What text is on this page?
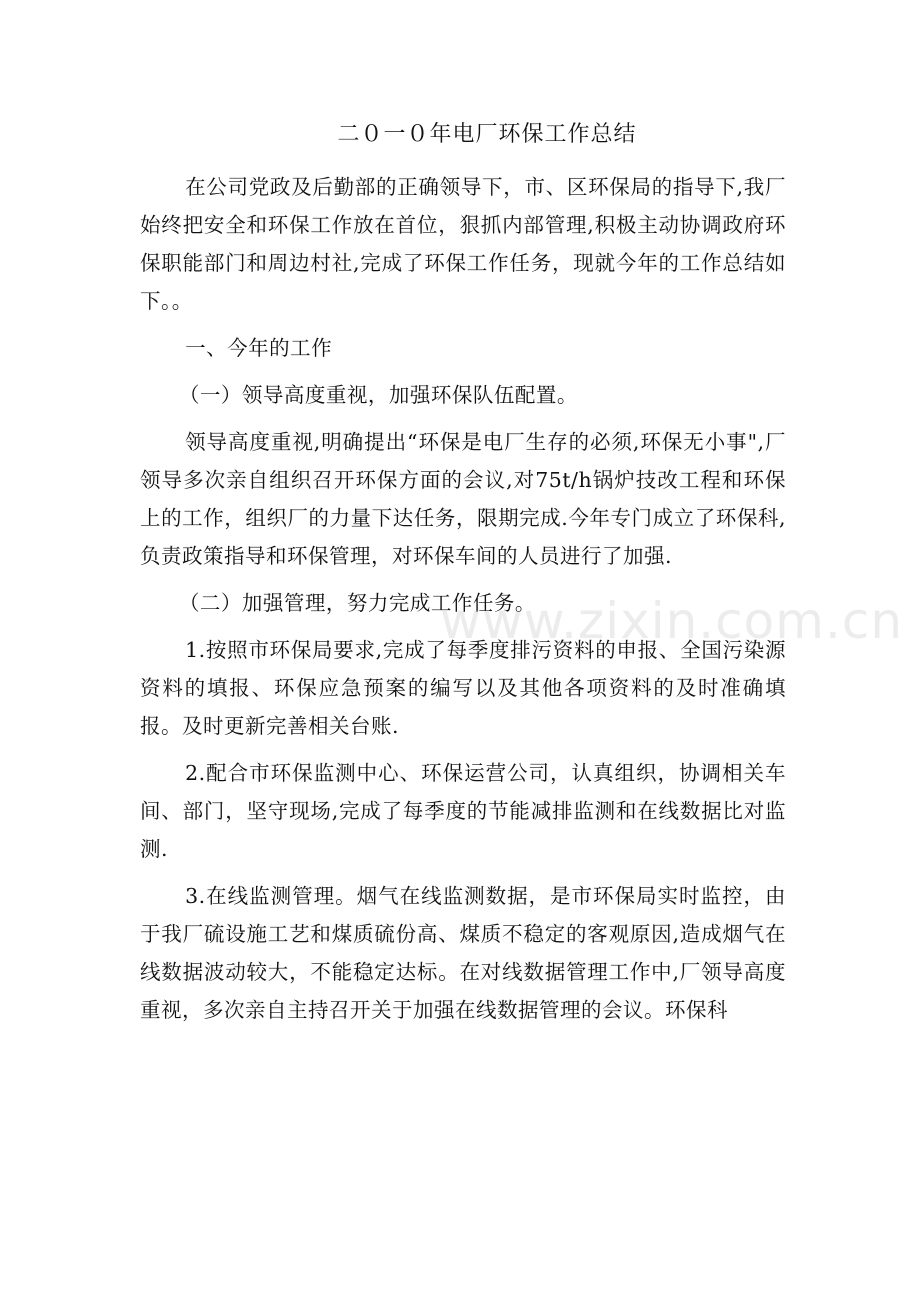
二０一０年电厂环保工作总结

在公司党政及后勤部的正确领导下，市、区环保局的指导下,我厂始终把安全和环保工作放在首位，狠抓内部管理,积极主动协调政府环保职能部门和周边村社,完成了环保工作任务，现就今年的工作总结如下。。

一、今年的工作

（一）领导高度重视，加强环保队伍配置。

领导高度重视,明确提出“环保是电厂生存的必须,环保无小事",厂领导多次亲自组织召开环保方面的会议,对75t/h锅炉技改工程和环保上的工作，组织厂的力量下达任务，限期完成.今年专门成立了环保科,负责政策指导和环保管理，对环保车间的人员进行了加强.

（二）加强管理，努力完成工作任务。

1.按照市环保局要求,完成了每季度排污资料的申报、全国污染源资料的填报、环保应急预案的编写以及其他各项资料的及时准确填报。及时更新完善相关台账.

2.配合市环保监测中心、环保运营公司，认真组织，协调相关车间、部门，坚守现场,完成了每季度的节能减排监测和在线数据比对监测.

3.在线监测管理。烟气在线监测数据，是市环保局实时监控，由于我厂硫设施工艺和煤质硫份高、煤质不稳定的客观原因,造成烟气在线数据波动较大，不能稳定达标。在对线数据管理工作中,厂领导高度重视，多次亲自主持召开关于加强在线数据管理的会议。环保科

www.zixin.com.cn
